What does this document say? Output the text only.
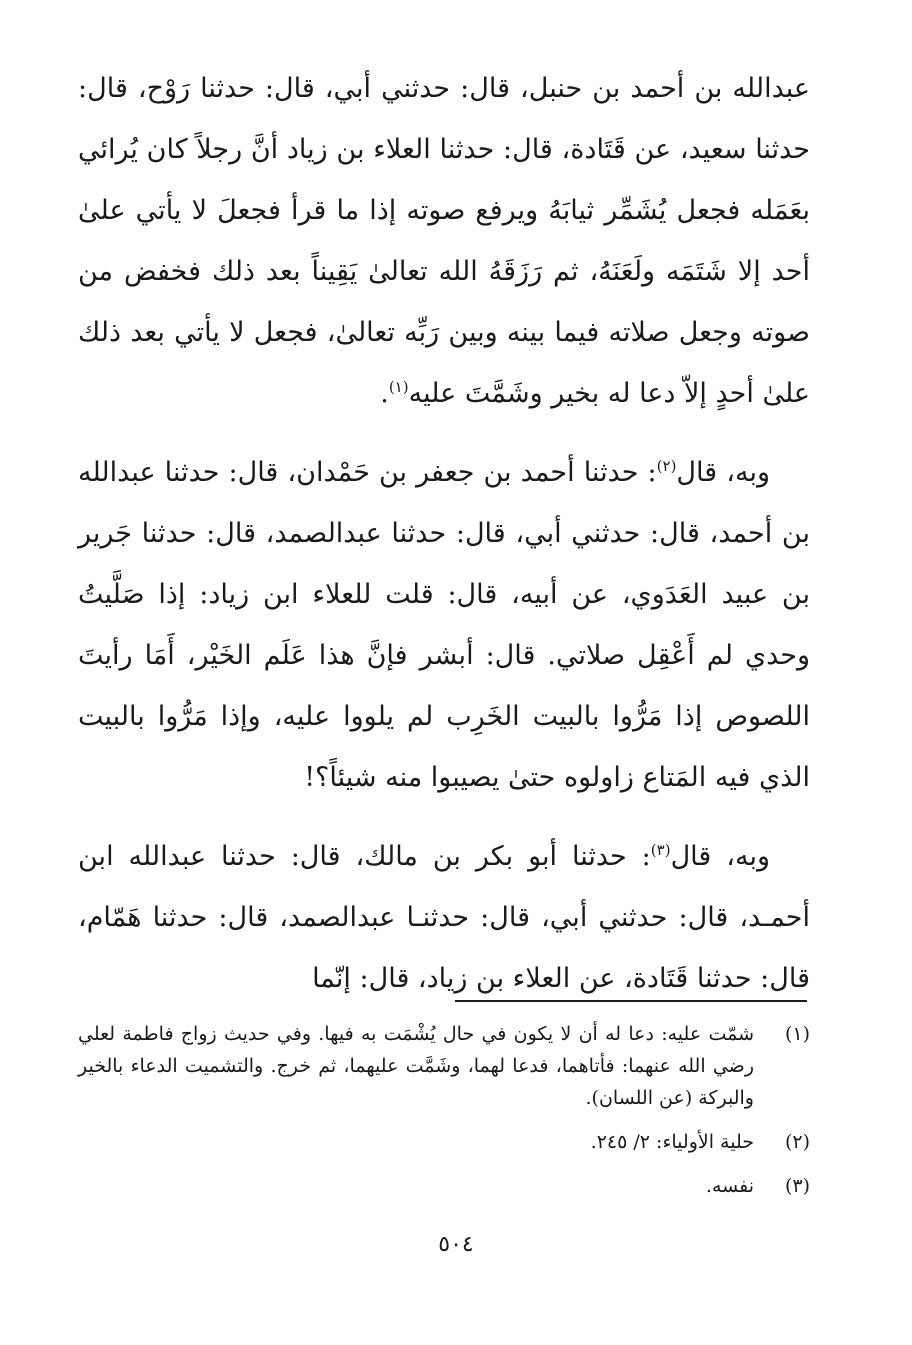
عبدالله بن أحمد بن حنبل، قال: حدثني أبي، قال: حدثنا رَوْح، قال: حدثنا سعيد، عن قَتَادة، قال: حدثنا العلاء بن زياد أنَّ رجلاً كان يُرائي بعَمَله فجعل يُشَمِّر ثيابَهُ ويرفع صوته إذا ما قرأ فجعلَ لا يأتي علىٰ أحد إلا شَتَمَه ولَعَنَهُ، ثم رَزَقَهُ الله تعالىٰ يَقِيناً بعد ذلك فخفض من صوته وجعل صلاته فيما بينه وبين رَبِّه تعالىٰ، فجعل لا يأتي بعد ذلك علىٰ أحدٍ إلاّ دعا له بخير وشَمَّتَ عليه$^{(١)}$.

وبه، قال$^{(٢)}$: حدثنا أحمد بن جعفر بن حَمْدان، قال: حدثنا عبدالله بن أحمد، قال: حدثني أبي، قال: حدثنا عبدالصمد، قال: حدثنا جَرير بن عبيد العَدَوي، عن أبيه، قال: قلت للعلاء ابن زياد: إذا صَلَّيتُ وحدي لم أَعْقِل صلاتي. قال: أبشر فإنَّ هذا عَلَم الخَيْر، أَمَا رأيتَ اللصوص إذا مَرُّوا بالبيت الخَرِب لم يلووا عليه، وإذا مَرُّوا بالبيت الذي فيه المَتاع زاولوه حتىٰ يصيبوا منه شيئاً؟!

وبه، قال$^{(٣)}$: حدثنا أبو بكر بن مالك، قال: حدثنا عبدالله ابن أحمـد، قال: حدثني أبي، قال: حدثنـا عبدالصمد، قال: حدثنا هَمّام، قال: حدثنا قَتَادة، عن العلاء بن زياد، قال: إنّما

(١)
شمّت عليه: دعا له أن لا يكون في حال يُشْمَت به فيها. وفي حديث زواج فاطمة لعلي رضي الله عنهما: فأتاهما، فدعا لهما، وشَمَّت عليهما، ثم خرج. والتشميت الدعاء بالخير والبركة (عن اللسان).
(٢)
حلية الأولياء: ٢/ ٢٤٥.
(٣)
نفسه.
٥٠٤
